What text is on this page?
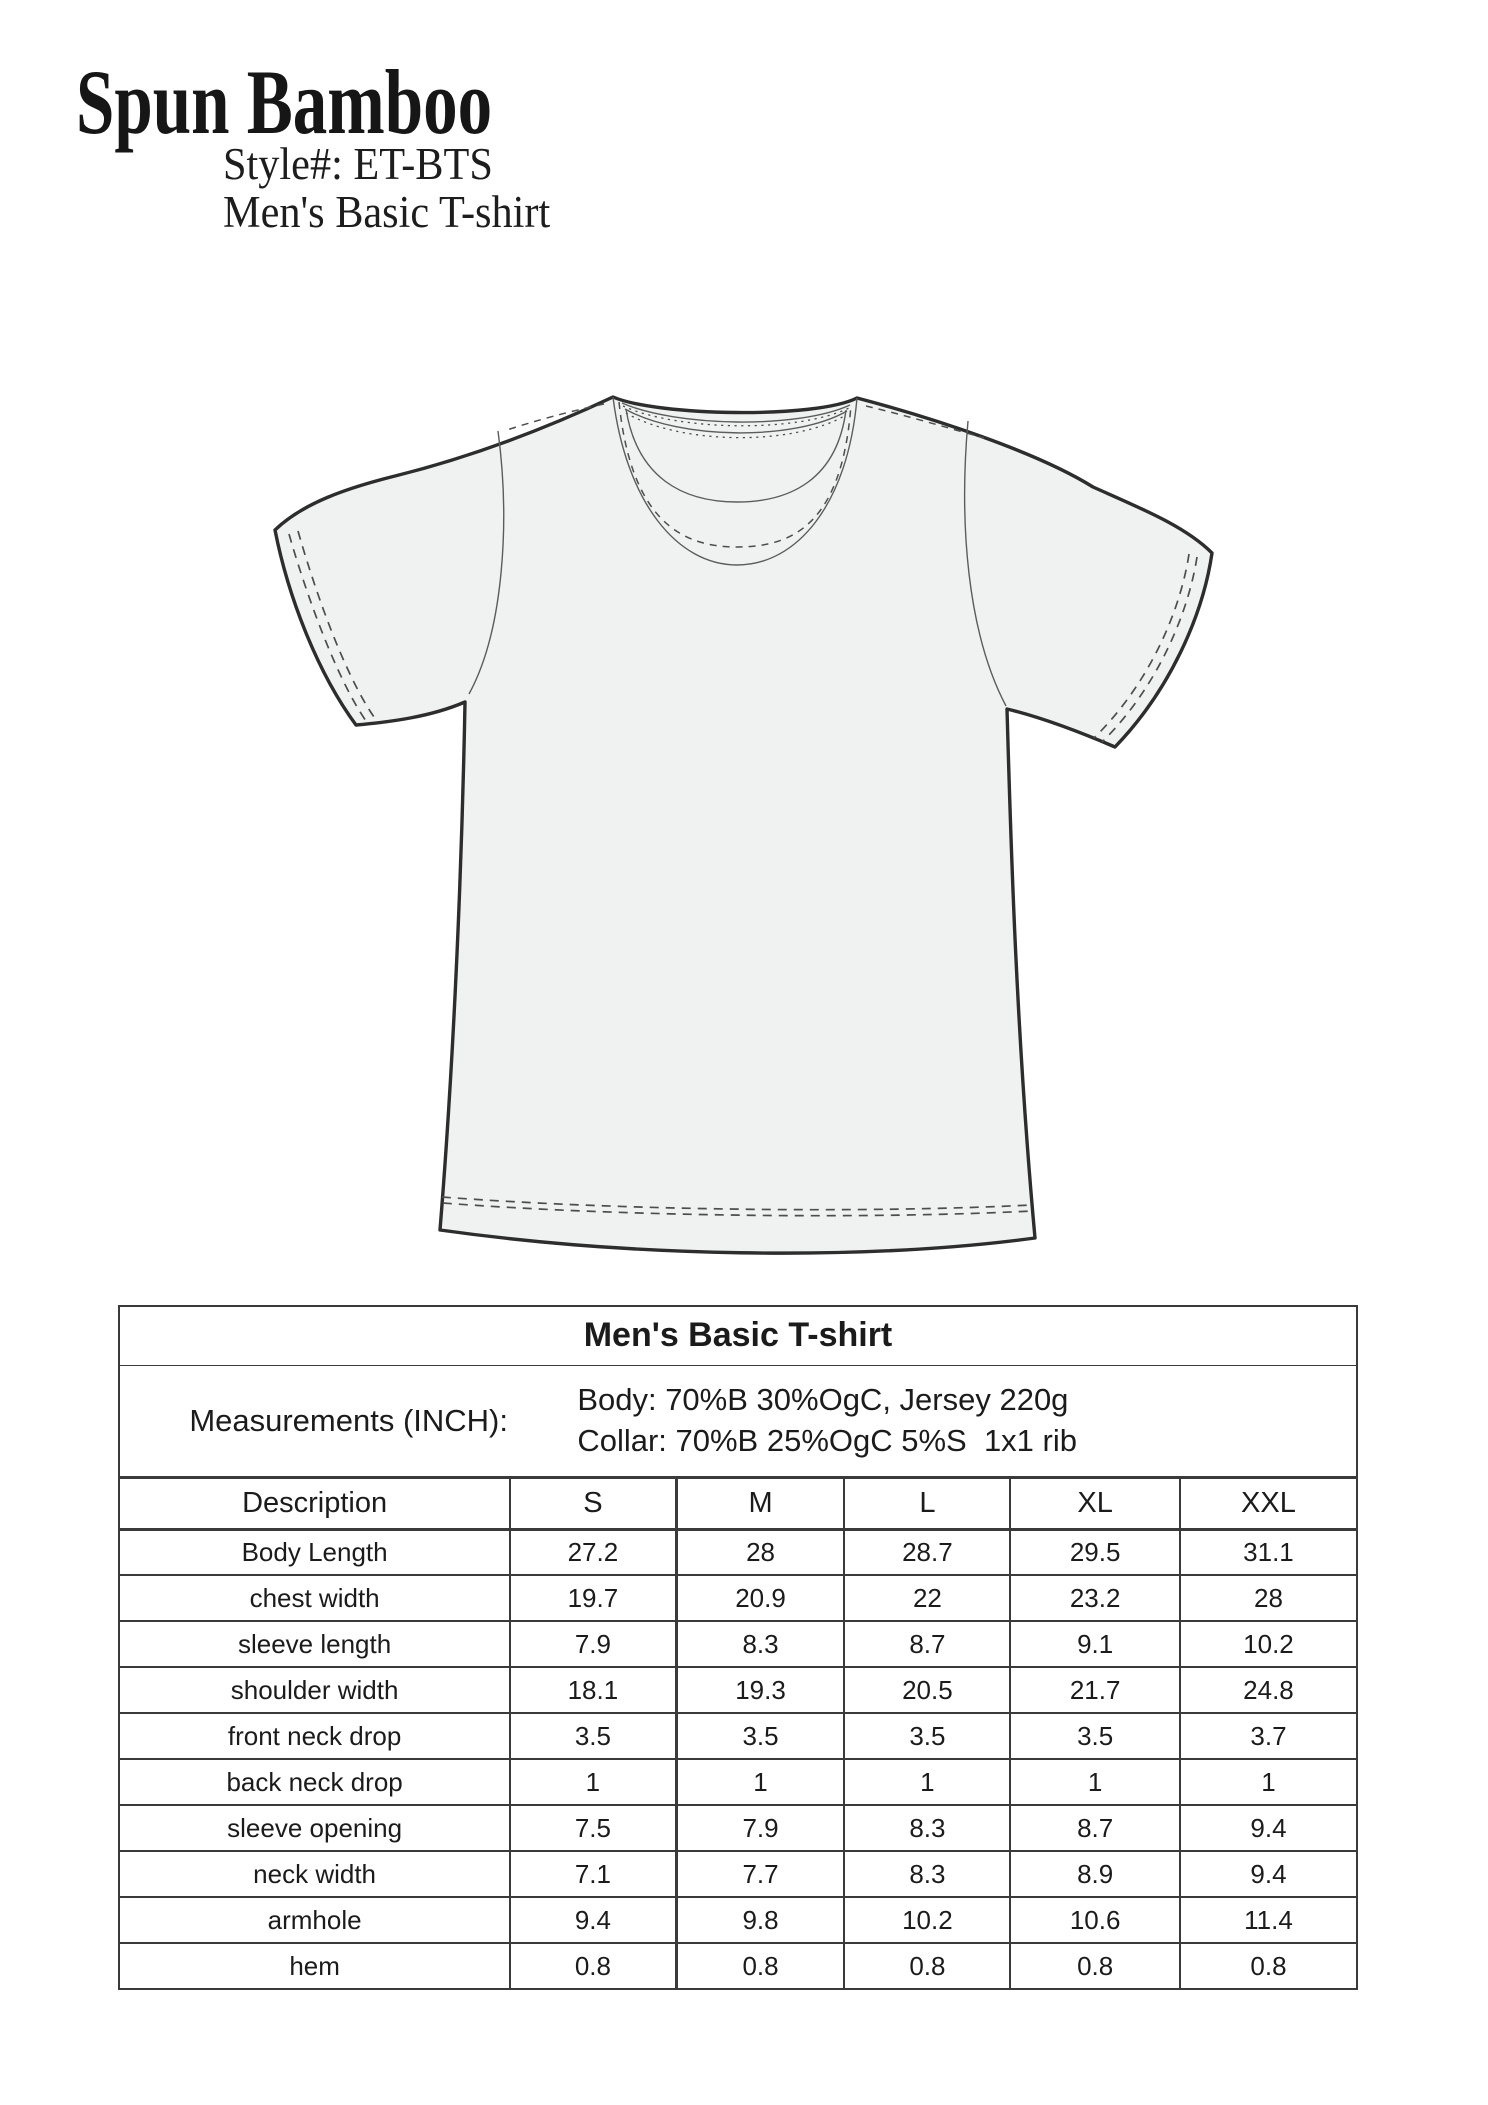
Spun Bamboo
Style#: ET-BTS
Men's Basic T-shirt
Men's Basic T-shirt					

Measurements (INCH):
Body: 70%B 30%OgC, Jersey 220g
Collar: 70%B 25%OgC 5%S  1x1 rib					

Description	S	M	L	XL	XXL
Body Length	27.2	28	28.7	29.5	31.1
chest width	19.7	20.9	22	23.2	28
sleeve length	7.9	8.3	8.7	9.1	10.2
shoulder width	18.1	19.3	20.5	21.7	24.8
front neck drop	3.5	3.5	3.5	3.5	3.7
back neck drop	1	1	1	1	1
sleeve opening	7.5	7.9	8.3	8.7	9.4
neck width	7.1	7.7	8.3	8.9	9.4
armhole	9.4	9.8	10.2	10.6	11.4
hem	0.8	0.8	0.8	0.8	0.8
